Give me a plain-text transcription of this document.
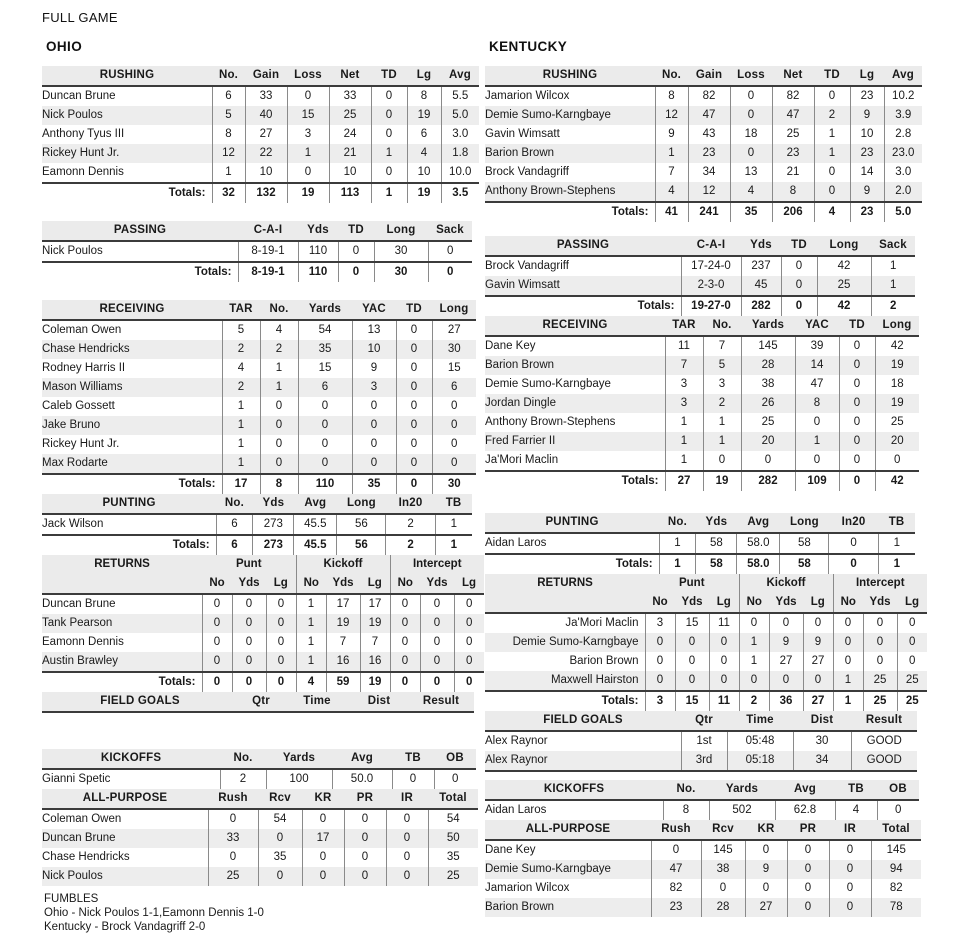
FULL GAME
OHIO
RUSHING	No.	Gain	Loss	Net	TD	Lg	Avg
Duncan Brune	6	33	0	33	0	8	5.5
Nick Poulos	5	40	15	25	0	19	5.0
Anthony Tyus III	8	27	3	24	0	6	3.0
Rickey Hunt Jr.	12	22	1	21	1	4	1.8
Eamonn Dennis	1	10	0	10	0	10	10.0
Totals:	32	132	19	113	1	19	3.5
PASSING	C-A-I	Yds	TD	Long	Sack
Nick Poulos	8-19-1	110	0	30	0
Totals:	8-19-1	110	0	30	0
RECEIVING	TAR	No.	Yards	YAC	TD	Long
Coleman Owen	5	4	54	13	0	27
Chase Hendricks	2	2	35	10	0	30
Rodney Harris II	4	1	15	9	0	15
Mason Williams	2	1	6	3	0	6
Caleb Gossett	1	0	0	0	0	0
Jake Bruno	1	0	0	0	0	0
Rickey Hunt Jr.	1	0	0	0	0	0
Max Rodarte	1	0	0	0	0	0
Totals:	17	8	110	35	0	30
PUNTING	No.	Yds	Avg	Long	In20	TB
Jack Wilson	6	273	45.5	56	2	1
Totals:	6	273	45.5	56	2	1
RETURNS	Punt			Kickoff			Intercept		
	No	Yds	Lg	No	Yds	Lg	No	Yds	Lg
Duncan Brune	0	0	0	1	17	17	0	0	0
Tank Pearson	0	0	0	1	19	19	0	0	0
Eamonn Dennis	0	0	0	1	7	7	0	0	0
Austin Brawley	0	0	0	1	16	16	0	0	0
Totals:	0	0	0	4	59	19	0	0	0
FIELD GOALS	Qtr	Time	Dist	Result
KICKOFFS	No.	Yards	Avg	TB	OB
Gianni Spetic	2	100	50.0	0	0
ALL-PURPOSE	Rush	Rcv	KR	PR	IR	Total
Coleman Owen	0	54	0	0	0	54
Duncan Brune	33	0	17	0	0	50
Chase Hendricks	0	35	0	0	0	35
Nick Poulos	25	0	0	0	0	25
FUMBLES
Ohio - Nick Poulos 1-1,Eamonn Dennis 1-0
Kentucky - Brock Vandagriff 2-0
KENTUCKY
RUSHING	No.	Gain	Loss	Net	TD	Lg	Avg
Jamarion Wilcox	8	82	0	82	0	23	10.2
Demie Sumo-Karngbaye	12	47	0	47	2	9	3.9
Gavin Wimsatt	9	43	18	25	1	10	2.8
Barion Brown	1	23	0	23	1	23	23.0
Brock Vandagriff	7	34	13	21	0	14	3.0
Anthony Brown-Stephens	4	12	4	8	0	9	2.0
Totals:	41	241	35	206	4	23	5.0
PASSING	C-A-I	Yds	TD	Long	Sack
Brock Vandagriff	17-24-0	237	0	42	1
Gavin Wimsatt	2-3-0	45	0	25	1
Totals:	19-27-0	282	0	42	2
RECEIVING	TAR	No.	Yards	YAC	TD	Long
Dane Key	11	7	145	39	0	42
Barion Brown	7	5	28	14	0	19
Demie Sumo-Karngbaye	3	3	38	47	0	18
Jordan Dingle	3	2	26	8	0	19
Anthony Brown-Stephens	1	1	25	0	0	25
Fred Farrier II	1	1	20	1	0	20
Ja'Mori Maclin	1	0	0	0	0	0
Totals:	27	19	282	109	0	42
PUNTING	No.	Yds	Avg	Long	In20	TB
Aidan Laros	1	58	58.0	58	0	1
Totals:	1	58	58.0	58	0	1
RETURNS	Punt			Kickoff			Intercept		
	No	Yds	Lg	No	Yds	Lg	No	Yds	Lg
Ja'Mori Maclin	3	15	11	0	0	0	0	0	0
Demie Sumo-Karngbaye	0	0	0	1	9	9	0	0	0
Barion Brown	0	0	0	1	27	27	0	0	0
Maxwell Hairston	0	0	0	0	0	0	1	25	25
Totals:	3	15	11	2	36	27	1	25	25
FIELD GOALS	Qtr	Time	Dist	Result
Alex Raynor	1st	05:48	30	GOOD
Alex Raynor	3rd	05:18	34	GOOD
KICKOFFS	No.	Yards	Avg	TB	OB
Aidan Laros	8	502	62.8	4	0
ALL-PURPOSE	Rush	Rcv	KR	PR	IR	Total
Dane Key	0	145	0	0	0	145
Demie Sumo-Karngbaye	47	38	9	0	0	94
Jamarion Wilcox	82	0	0	0	0	82
Barion Brown	23	28	27	0	0	78
